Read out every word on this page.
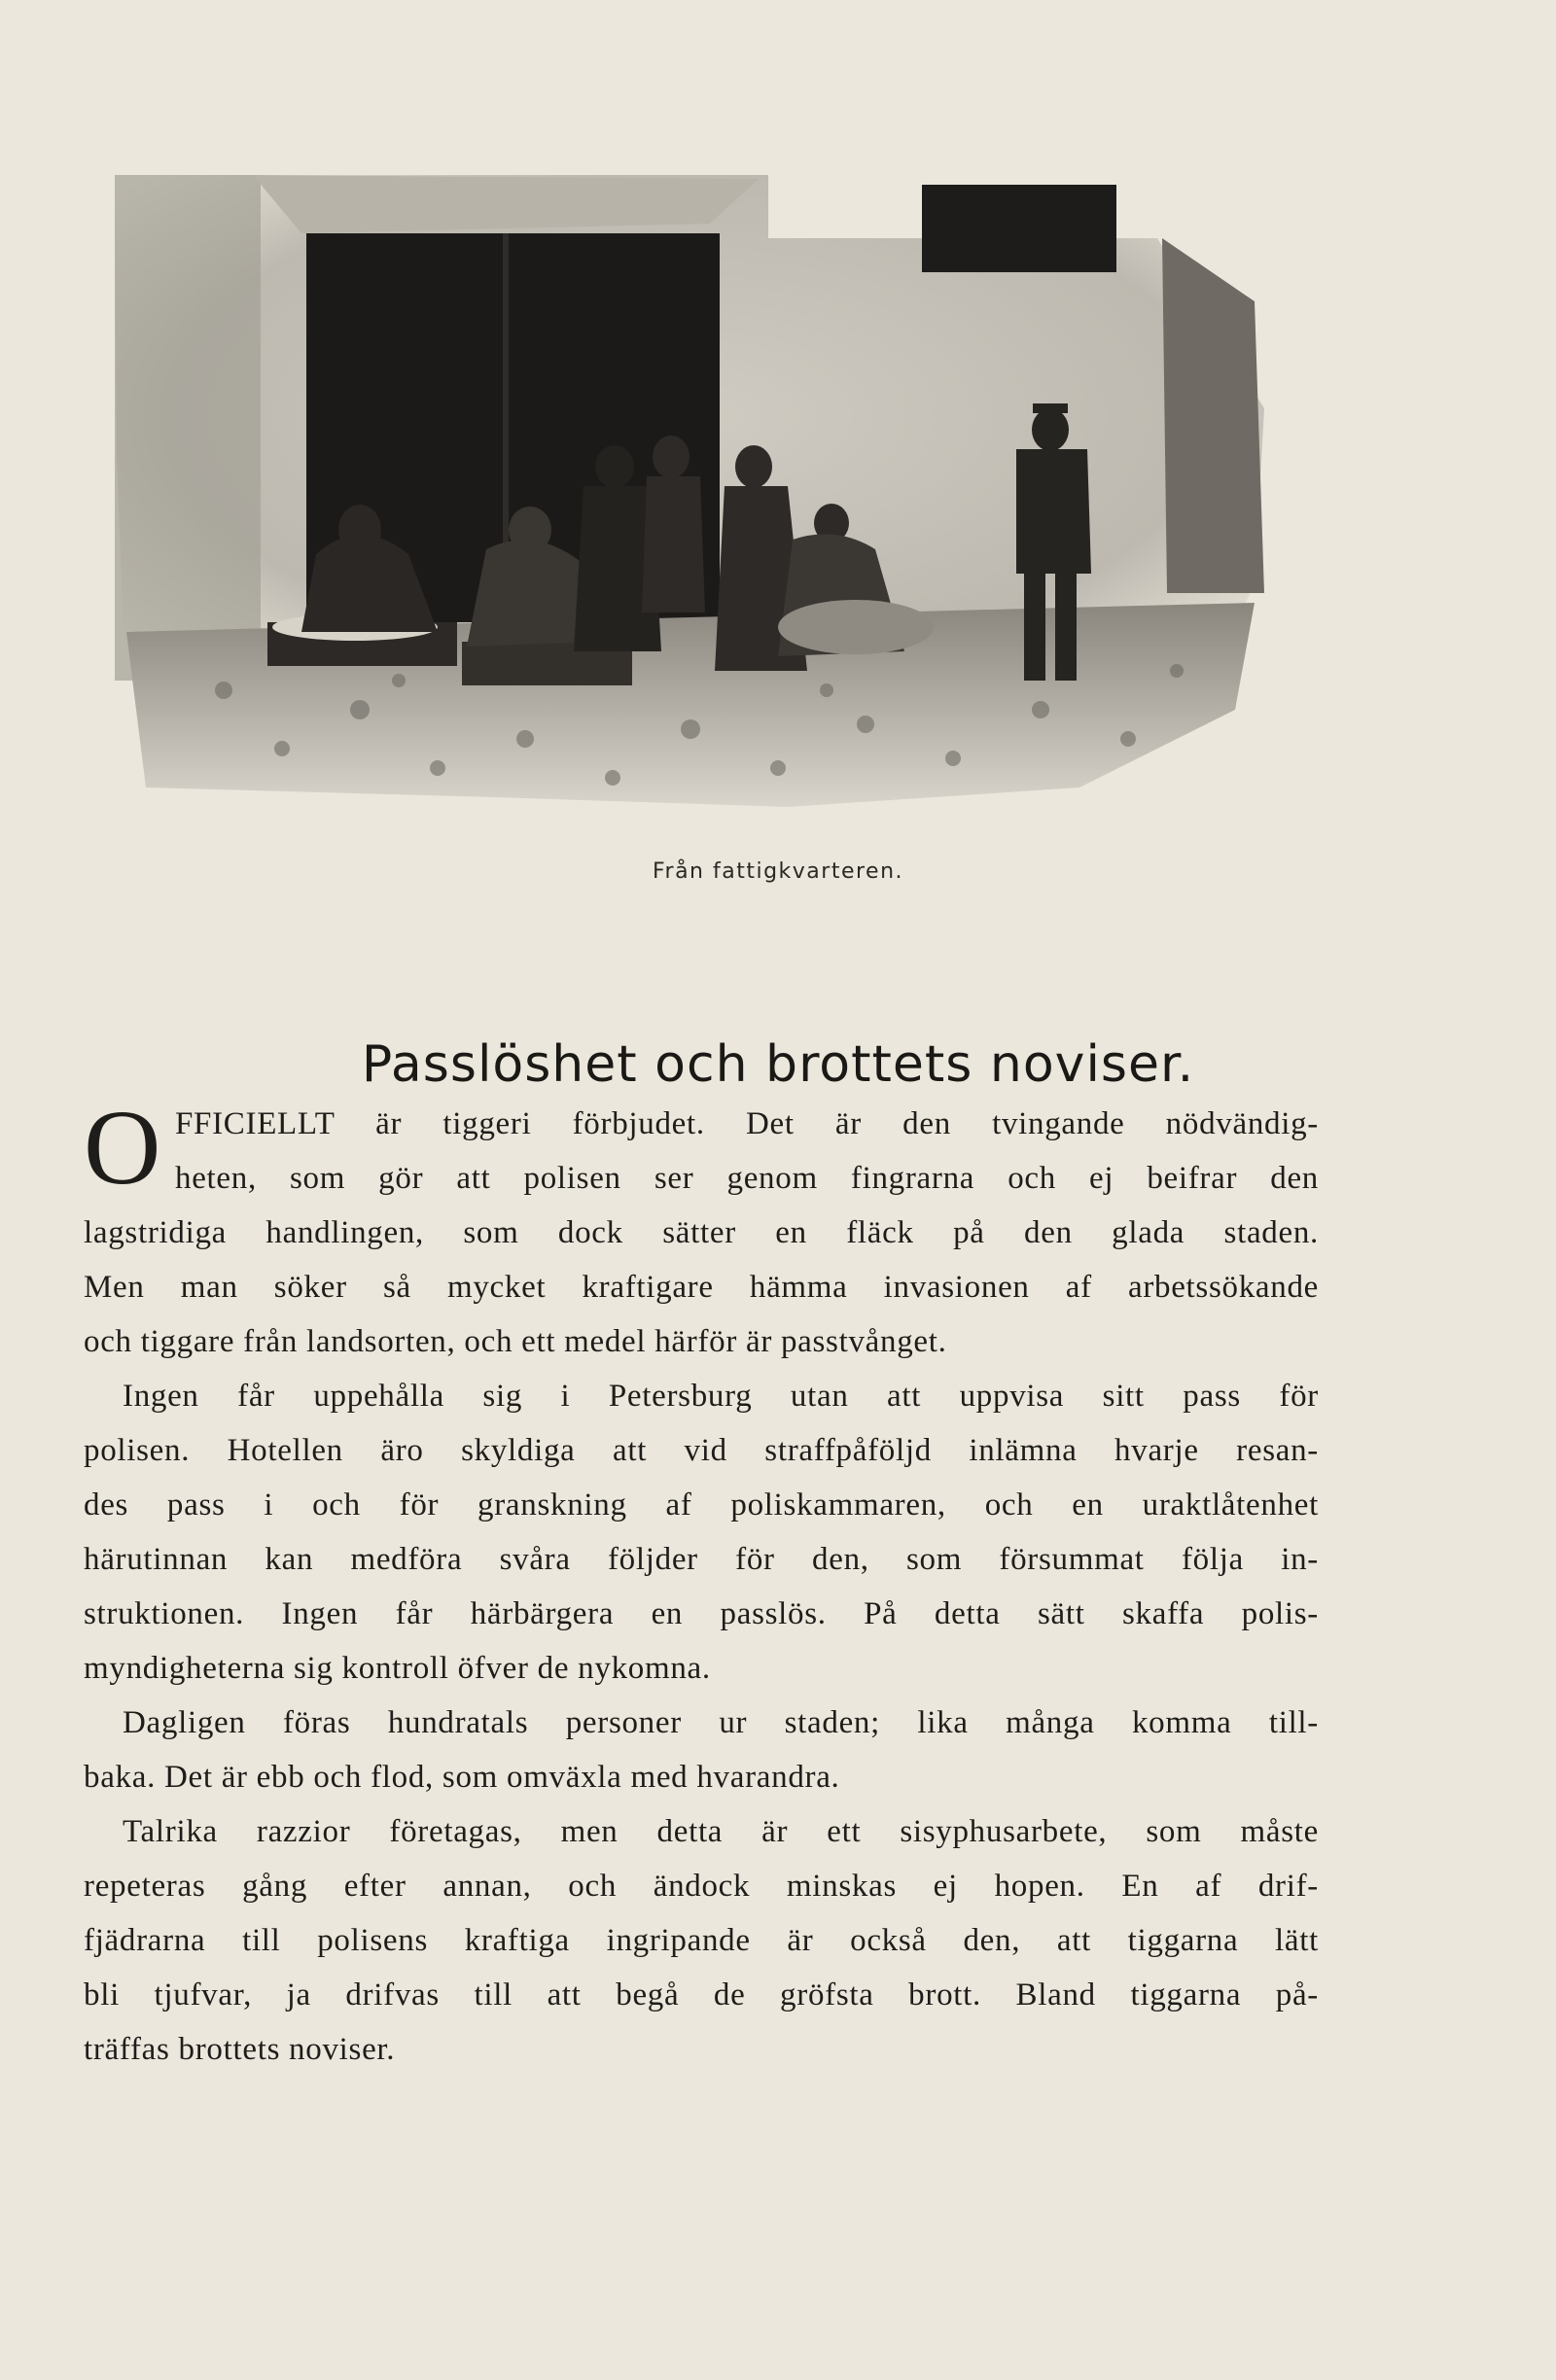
Från fattigkvarteren.
Passlöshet och brottets noviser.

O FFICIELLT är tiggeri förbjudet. Det är den tvingande nödvändig-
heten, som gör att polisen ser genom fingrarna och ej beifrar den
lagstridiga handlingen, som dock sätter en fläck på den glada staden.
Men man söker så mycket kraftigare hämma invasionen af arbetssökande
och tiggare från landsorten, och ett medel härför är passtvånget.

Ingen får uppehålla sig i Petersburg utan att uppvisa sitt pass för
polisen. Hotellen äro skyldiga att vid straffpåföljd inlämna hvarje resan-
des pass i och för granskning af poliskammaren, och en uraktlåtenhet
härutinnan kan medföra svåra följder för den, som försummat följa in-
struktionen. Ingen får härbärgera en passlös. På detta sätt skaffa polis-
myndigheterna sig kontroll öfver de nykomna.

Dagligen föras hundratals personer ur staden; lika många komma till-
baka. Det är ebb och flod, som omväxla med hvarandra.

Talrika razzior företagas, men detta är ett sisyphusarbete, som måste
repeteras gång efter annan, och ändock minskas ej hopen. En af drif-
fjädrarna till polisens kraftiga ingripande är också den, att tiggarna lätt
bli tjufvar, ja drifvas till att begå de gröfsta brott. Bland tiggarna på-
träffas brottets noviser.
